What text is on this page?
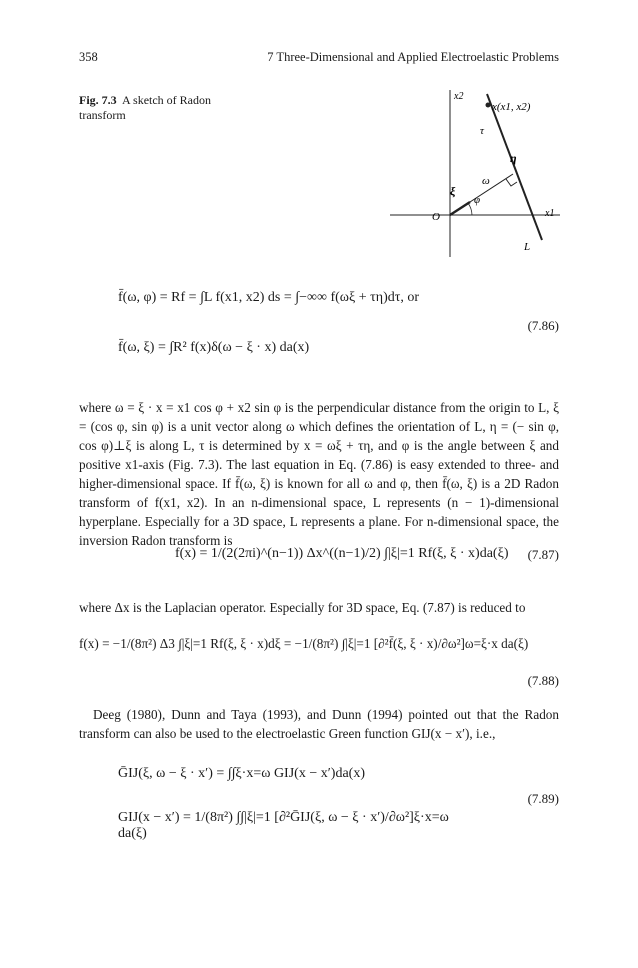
358	7 Three-Dimensional and Applied Electroelastic Problems
Fig. 7.3 A sketch of Radon transform
x2
x1
O
x(x1, x2)
τ
η
ω
ξ
φ
L
f̄(ω, φ) = Rf = ∫L f(x1, x2) ds = ∫−∞∞ f(ωξ + τη)dτ, or
f̄(ω, ξ) = ∫R² f(x)δ(ω − ξ · x) da(x)
(7.86)
where ω = ξ · x = x1 cos φ + x2 sin φ is the perpendicular distance from the origin to L, ξ = (cos φ, sin φ) is a unit vector along ω which defines the orientation of L, η = (− sin φ, cos φ)⊥ξ is along L, τ is determined by x = ωξ + τη, and φ is the angle between ξ and positive x1-axis (Fig. 7.3). The last equation in Eq. (7.86) is easy extended to three- and higher-dimensional space. If f̄(ω, ξ) is known for all ω and φ, then f̄(ω, ξ) is a 2D Radon transform of f(x1, x2). In an n-dimensional space, L represents (n − 1)-dimensional hyperplane. Especially for a 3D space, L represents a plane. For n-dimensional space, the inversion Radon transform is
f(x) = 1/(2(2πi)^(n−1)) Δx^((n−1)/2) ∫|ξ|=1 Rf(ξ, ξ · x)da(ξ) (7.87)
where Δx is the Laplacian operator. Especially for 3D space, Eq. (7.87) is reduced to
f(x) = −1/(8π²) Δ3 ∫|ξ|=1 Rf(ξ, ξ · x)dξ = −1/(8π²) ∫|ξ|=1 [∂²f̄(ξ, ξ · x)/∂ω²]ω=ξ·x da(ξ)
(7.88)
Deeg (1980), Dunn and Taya (1993), and Dunn (1994) pointed out that the Radon transform can also be used to the electroelastic Green function GIJ(x − x′), i.e.,
ḠIJ(ξ, ω − ξ · x′) = ∫∫ξ·x=ω GIJ(x − x′)da(x)
GIJ(x − x′) = 1/(8π²) ∫∫|ξ|=1 [∂²ḠIJ(ξ, ω − ξ · x′)/∂ω²]ξ·x=ω da(ξ)
(7.89)
